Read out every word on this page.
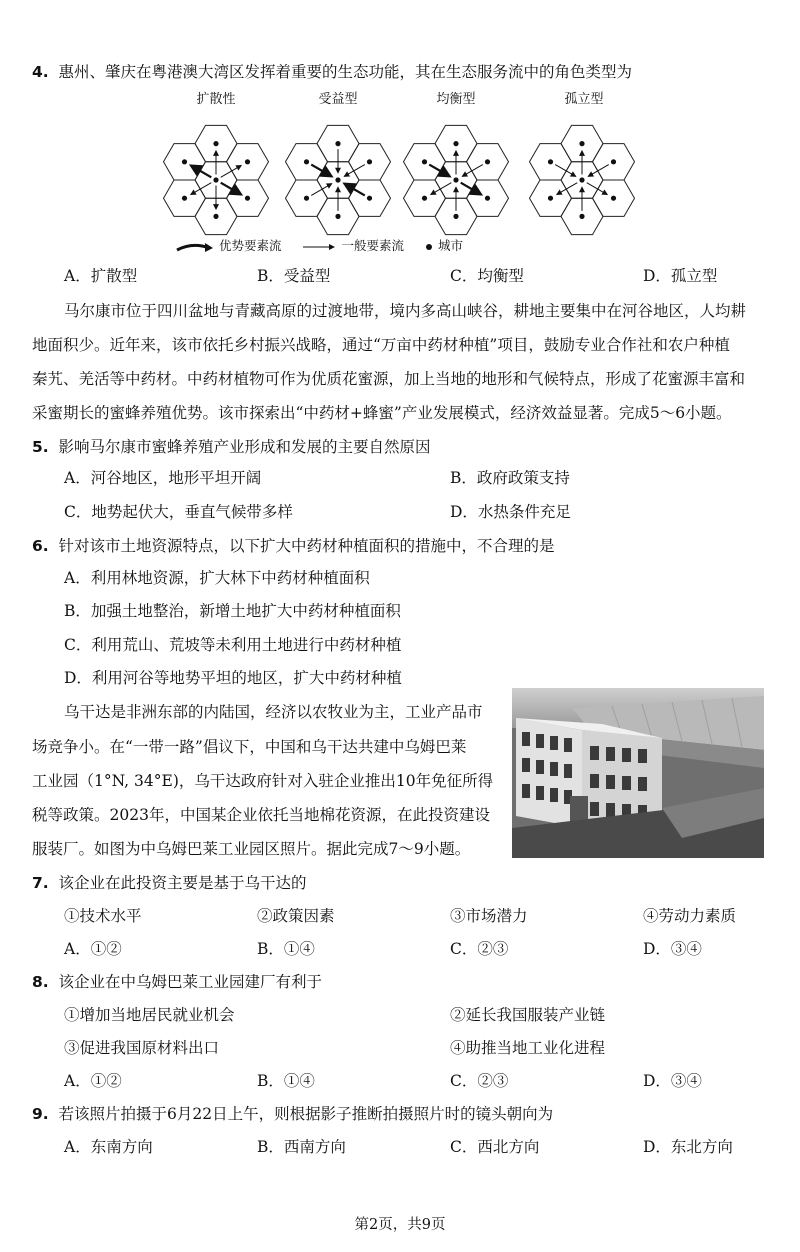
4. 惠州、肇庆在粤港澳大湾区发挥着重要的生态功能，其在生态服务流中的角色类型为
扩散性	受益型	均衡型	孤立型
优势要素流	一般要素流	城市
A．扩散型	B．受益型	C．均衡型	D．孤立型
马尔康市位于四川盆地与青藏高原的过渡地带，境内多高山峡谷，耕地主要集中在河谷地区，人均耕
地面积少。近年来，该市依托乡村振兴战略，通过“万亩中药材种植”项目，鼓励专业合作社和农户种植
秦艽、羌活等中药材。中药材植物可作为优质花蜜源，加上当地的地形和气候特点，形成了花蜜源丰富和
采蜜期长的蜜蜂养殖优势。该市探索出“中药材+蜂蜜”产业发展模式，经济效益显著。完成5～6小题。
5. 影响马尔康市蜜蜂养殖产业形成和发展的主要自然原因
A．河谷地区，地形平坦开阔	B．政府政策支持
C．地势起伏大，垂直气候带多样	D．水热条件充足
6. 针对该市土地资源特点，以下扩大中药材种植面积的措施中，不合理的是
A．利用林地资源，扩大林下中药材种植面积
B．加强土地整治，新增土地扩大中药材种植面积
C．利用荒山、荒坡等未利用土地进行中药材种植
D．利用河谷等地势平坦的地区，扩大中药材种植
乌干达是非洲东部的内陆国，经济以农牧业为主，工业产品市
场竞争小。在“一带一路”倡议下，中国和乌干达共建中乌姆巴莱
工业园（1°N, 34°E)，乌干达政府针对入驻企业推出10年免征所得
税等政策。2023年，中国某企业依托当地棉花资源，在此投资建设
服装厂。如图为中乌姆巴莱工业园区照片。据此完成7～9小题。
7. 该企业在此投资主要是基于乌干达的
①技术水平	②政策因素	③市场潜力	④劳动力素质
A．①②	B．①④	C．②③	D．③④
8. 该企业在中乌姆巴莱工业园建厂有利于
①增加当地居民就业机会	②延长我国服装产业链
③促进我国原材料出口	④助推当地工业化进程
A．①②	B．①④	C．②③	D．③④
9. 若该照片拍摄于6月22日上午，则根据影子推断拍摄照片时的镜头朝向为
A．东南方向	B．西南方向	C．西北方向	D．东北方向
第2页，共9页
